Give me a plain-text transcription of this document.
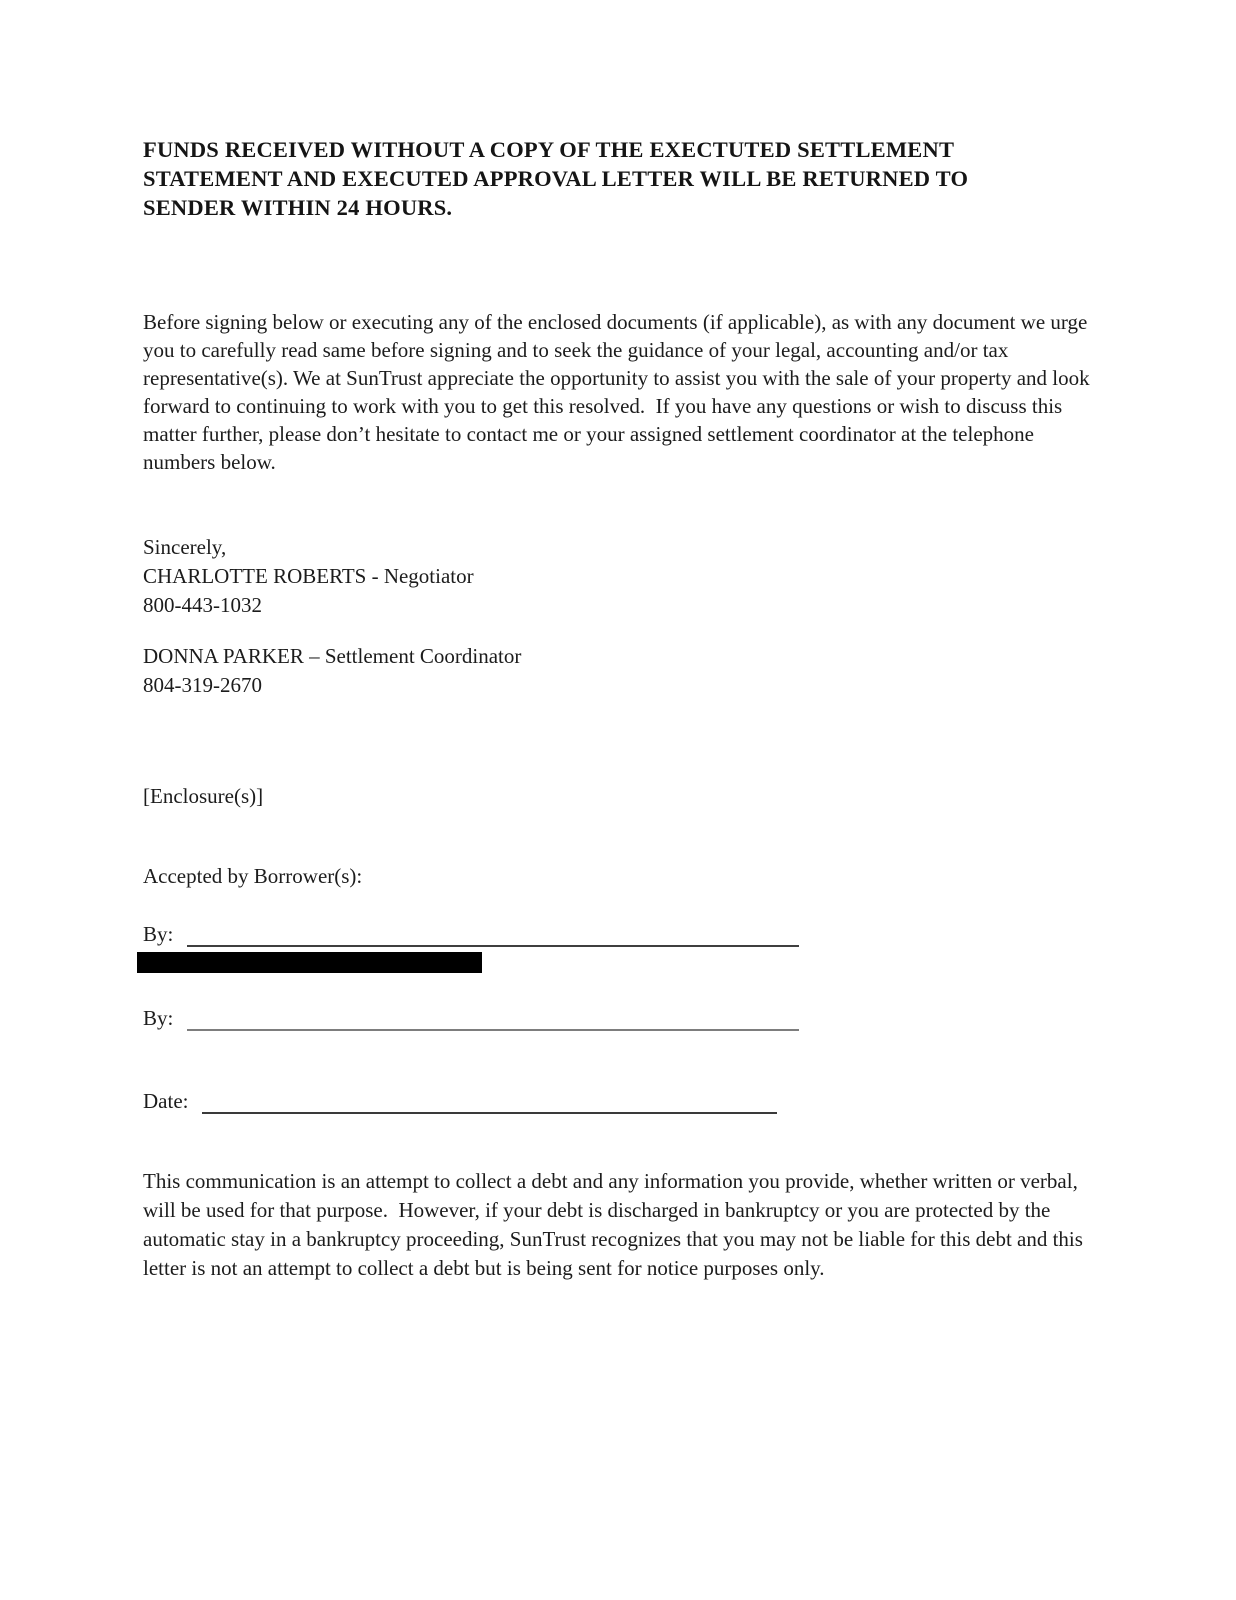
FUNDS RECEIVED WITHOUT A COPY OF THE EXECTUTED SETTLEMENT
STATEMENT AND EXECUTED APPROVAL LETTER WILL BE RETURNED TO
SENDER WITHIN 24 HOURS.

Before signing below or executing any of the enclosed documents (if applicable), as with any document we urge you to carefully read same before signing and to seek the guidance of your legal, accounting and/or tax representative(s). We at SunTrust appreciate the opportunity to assist you with the sale of your property and look forward to continuing to work with you to get this resolved.  If you have any questions or wish to discuss this matter further, please don’t hesitate to contact me or your assigned settlement coordinator at the telephone numbers below.

Sincerely,
CHARLOTTE ROBERTS - Negotiator
800-443-1032
DONNA PARKER – Settlement Coordinator
804-319-2670
[Enclosure(s)]
Accepted by Borrower(s):
By:
By:
Date:

This communication is an attempt to collect a debt and any information you provide, whether written or verbal, will be used for that purpose.  However, if your debt is discharged in bankruptcy or you are protected by the automatic stay in a bankruptcy proceeding, SunTrust recognizes that you may not be liable for this debt and this letter is not an attempt to collect a debt but is being sent for notice purposes only.
